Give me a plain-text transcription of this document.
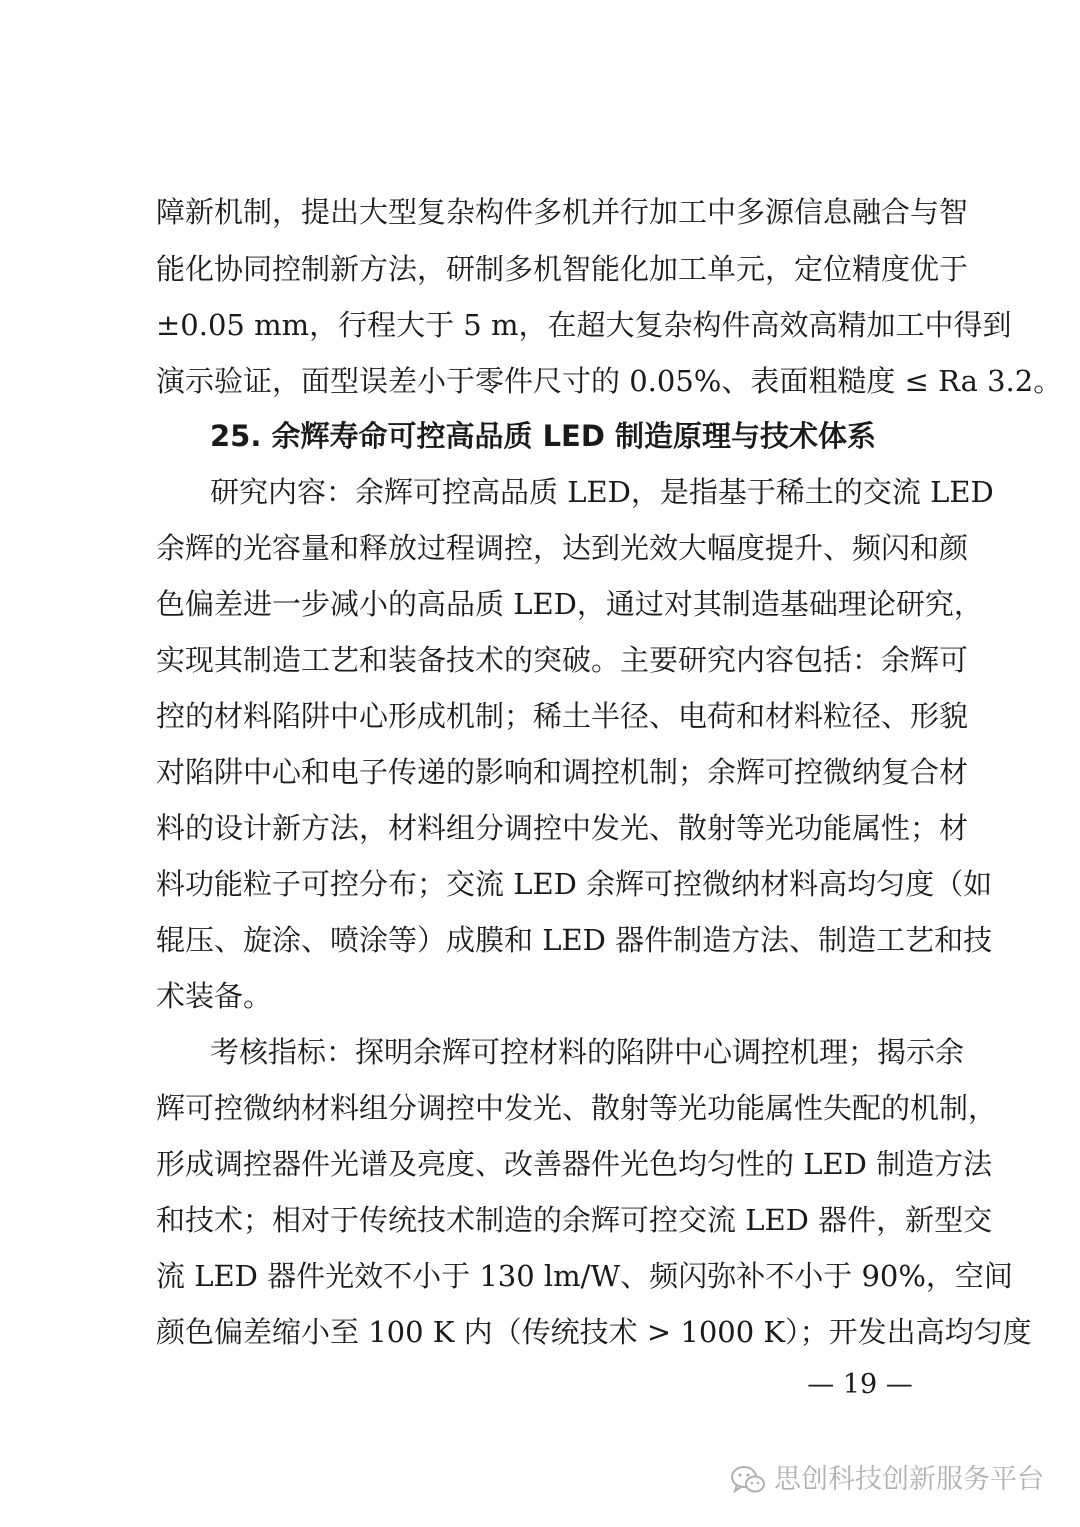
障新机制，提出大型复杂构件多机并行加工中多源信息融合与智
能化协同控制新方法，研制多机智能化加工单元，定位精度优于
±0.05 mm，行程大于 5 m，在超大复杂构件高效高精加工中得到
演示验证，面型误差小于零件尺寸的 0.05%、表面粗糙度 ≤ Ra 3.2。
25. 余辉寿命可控高品质 LED 制造原理与技术体系
研究内容：余辉可控高品质 LED，是指基于稀土的交流 LED
余辉的光容量和释放过程调控，达到光效大幅度提升、频闪和颜
色偏差进一步减小的高品质 LED，通过对其制造基础理论研究，
实现其制造工艺和装备技术的突破。主要研究内容包括：余辉可
控的材料陷阱中心形成机制；稀土半径、电荷和材料粒径、形貌
对陷阱中心和电子传递的影响和调控机制；余辉可控微纳复合材
料的设计新方法，材料组分调控中发光、散射等光功能属性；材
料功能粒子可控分布；交流 LED 余辉可控微纳材料高均匀度（如
辊压、旋涂、喷涂等）成膜和 LED 器件制造方法、制造工艺和技
术装备。
考核指标：探明余辉可控材料的陷阱中心调控机理；揭示余
辉可控微纳材料组分调控中发光、散射等光功能属性失配的机制，
形成调控器件光谱及亮度、改善器件光色均匀性的 LED 制造方法
和技术；相对于传统技术制造的余辉可控交流 LED 器件，新型交
流 LED 器件光效不小于 130 lm/W、频闪弥补不小于 90%，空间
颜色偏差缩小至 100 K 内（传统技术 > 1000 K）；开发出高均匀度
— 19 —
思创科技创新服务平台
